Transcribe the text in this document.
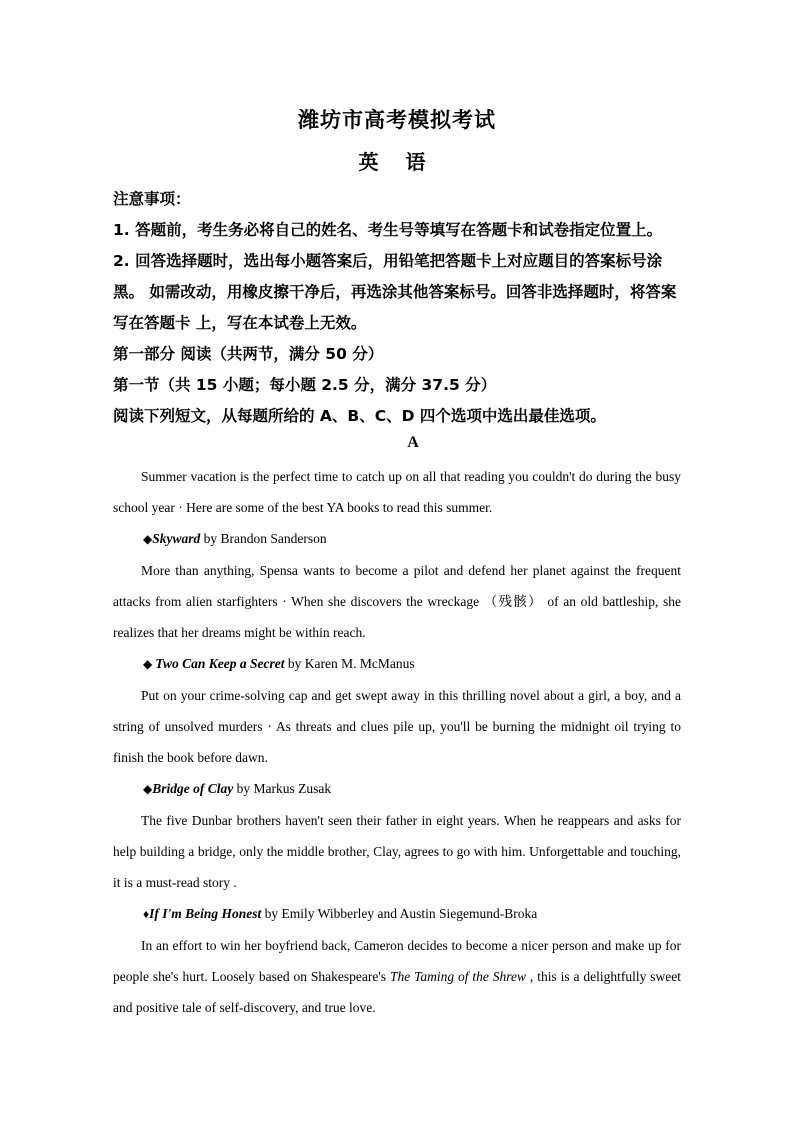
潍坊市高考模拟考试
英 语
注意事项：
1. 答题前，考生务必将自己的姓名、考生号等填写在答题卡和试卷指定位置上。
2. 回答选择题时，选出每小题答案后，用铅笔把答题卡上对应题目的答案标号涂
黑。 如需改动，用橡皮擦干净后，再选涂其他答案标号。回答非选择题时，将答案
写在答题卡 上，写在本试卷上无效。
第一部分 阅读（共两节，满分 50 分）
第一节（共 15 小题；每小题 2.5 分，满分 37.5 分）
阅读下列短文，从每题所给的 A、B、C、D 四个选项中选出最佳选项。
A

Summer vacation is the perfect time to catch up on all that reading you couldn't do during the busy school year · Here are some of the best YA books to read this summer.

◆Skyward by Brandon Sanderson

More than anything, Spensa wants to become a pilot and defend her planet against the frequent attacks from alien starfighters · When she discovers the wreckage （残骸） of an old battleship, she realizes that her dreams might be within reach.

◆ Two Can Keep a Secret by Karen M. McManus

Put on your crime-solving cap and get swept away in this thrilling novel about a girl, a boy, and a string of unsolved murders · As threats and clues pile up, you'll be burning the midnight oil trying to finish the book before dawn.

◆Bridge of Clay by Markus Zusak

The five Dunbar brothers haven't seen their father in eight years. When he reappears and asks for help building a bridge, only the middle brother, Clay, agrees to go with him. Unforgettable and touching, it is a must-read story .

♦If I'm Being Honest by Emily Wibberley and Austin Siegemund-Broka

In an effort to win her boyfriend back, Cameron decides to become a nicer person and make up for people she's hurt. Loosely based on Shakespeare's The Taming of the Shrew , this is a delightfully sweet and positive tale of self-discovery, and true love.
